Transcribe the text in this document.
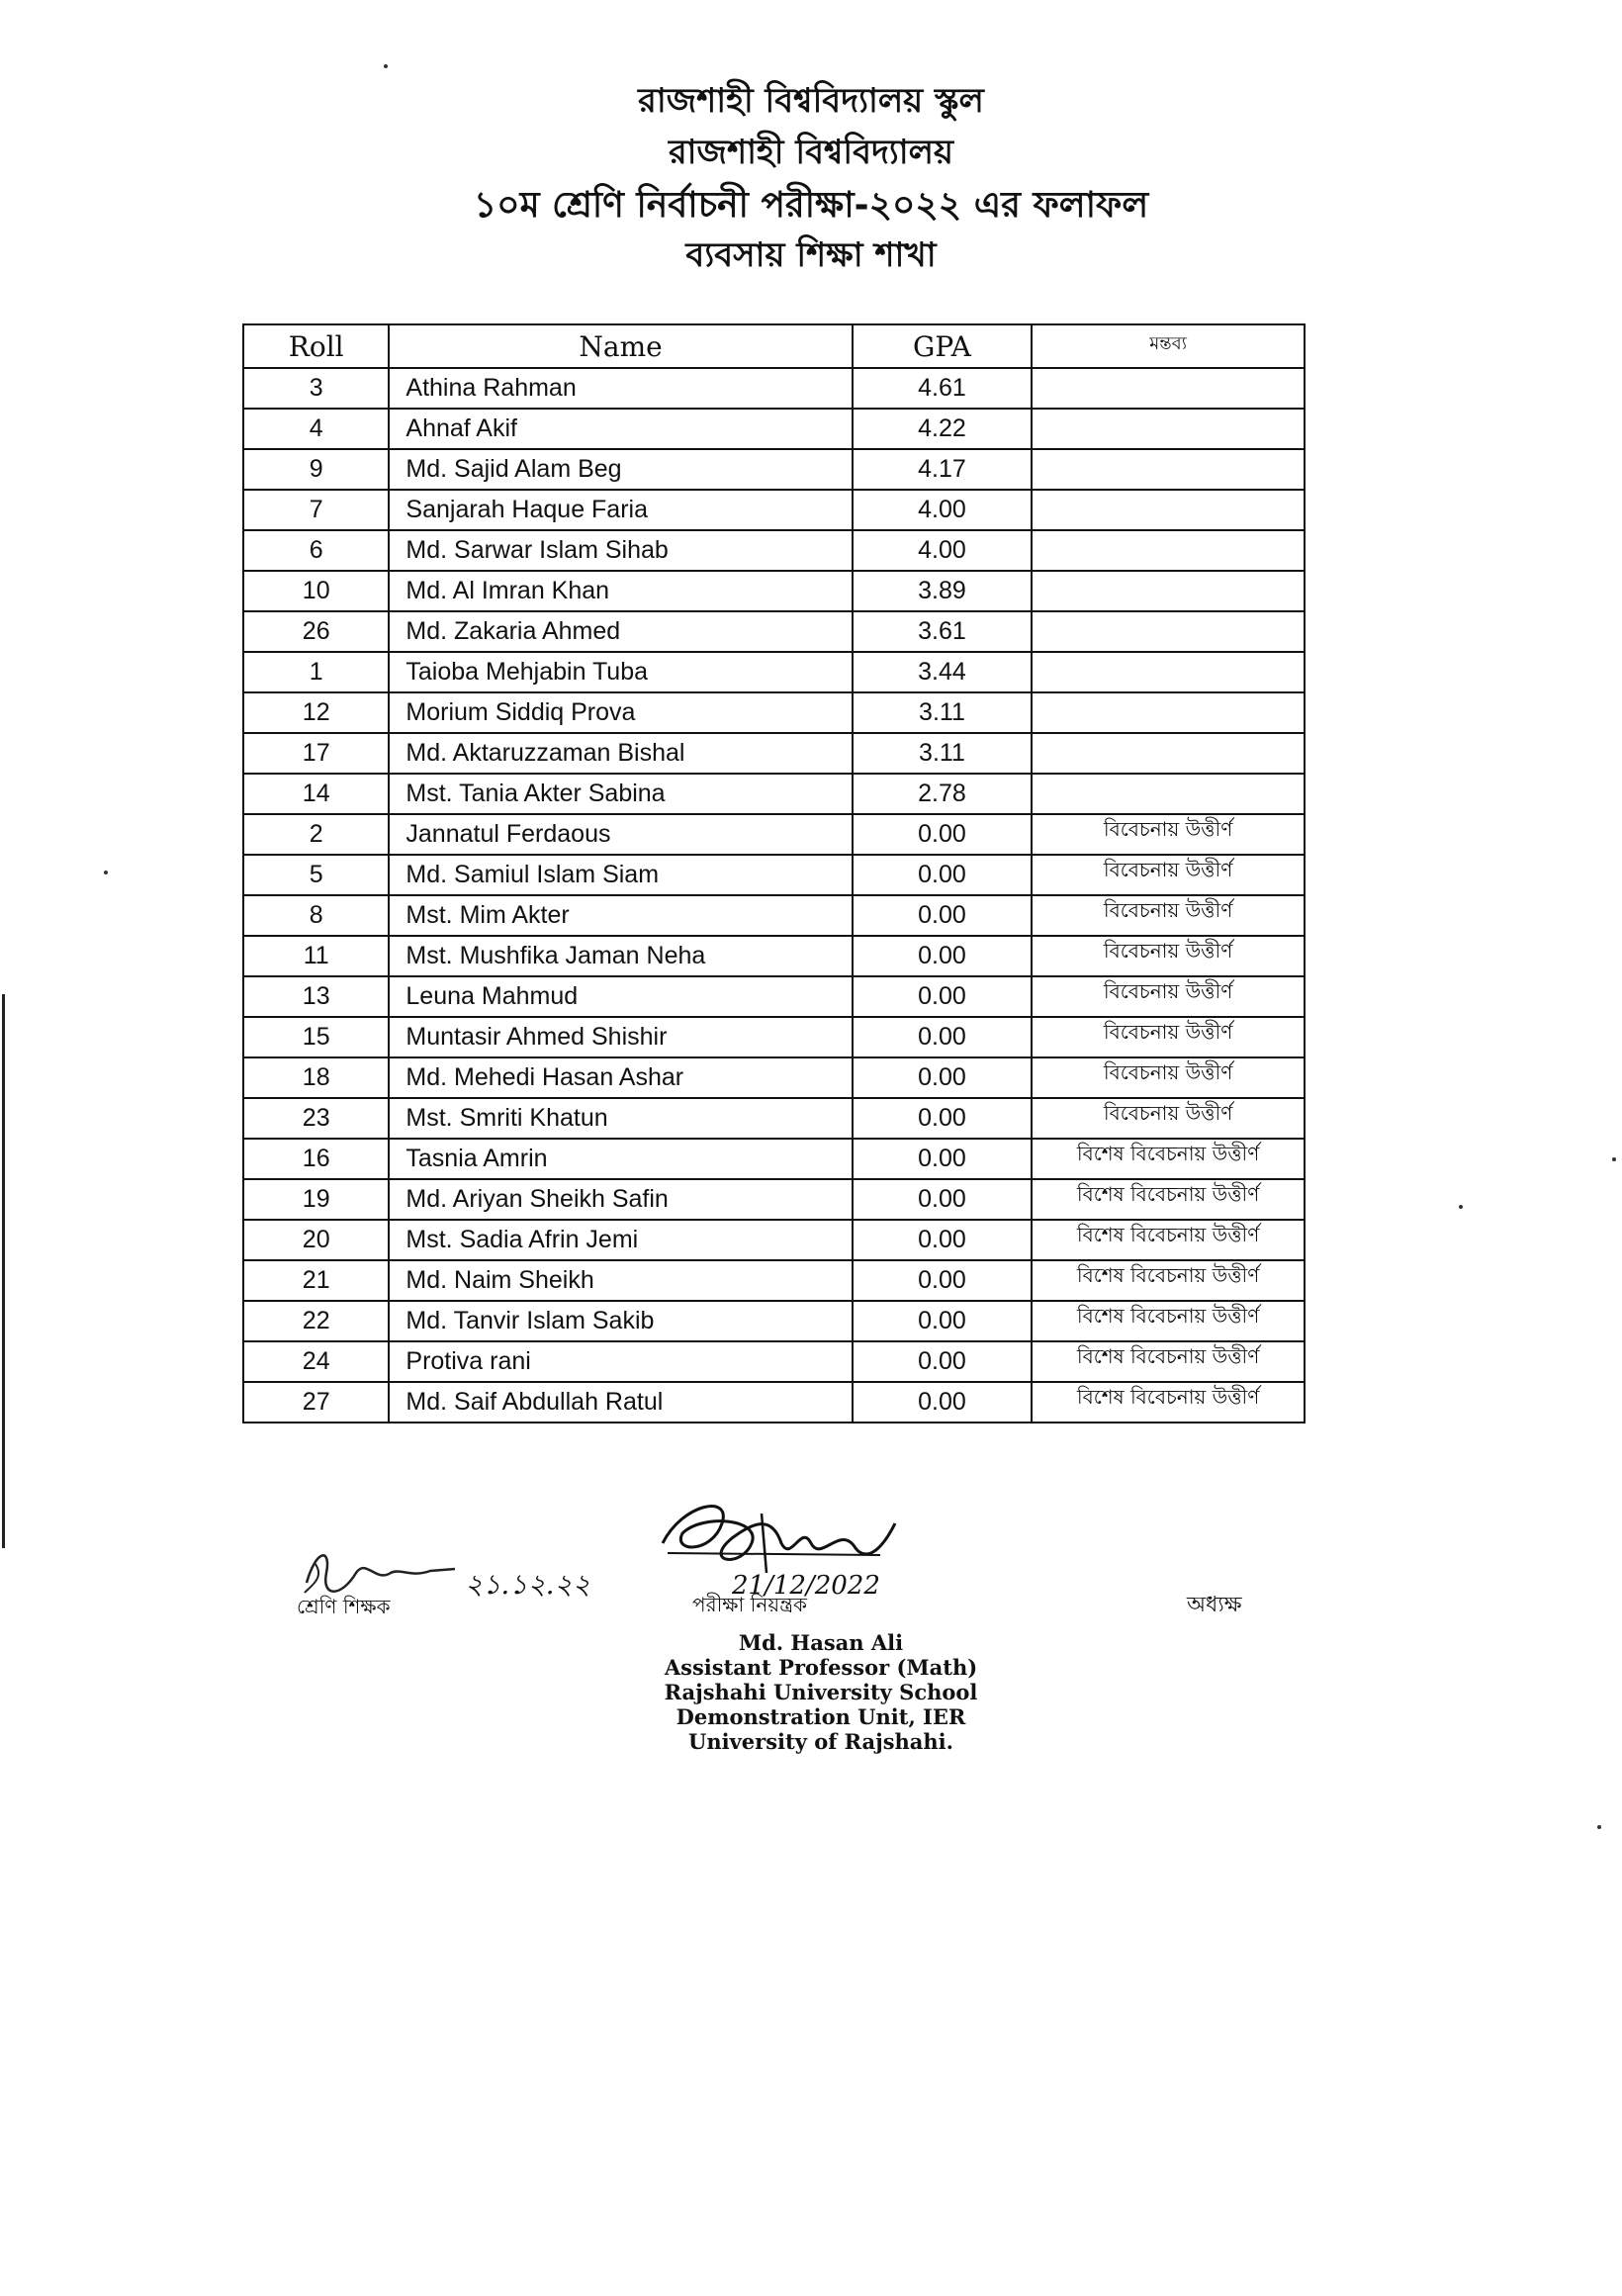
রাজশাহী বিশ্ববিদ্যালয় স্কুল
রাজশাহী বিশ্ববিদ্যালয়
১০ম শ্রেণি নির্বাচনী পরীক্ষা-২০২২ এর ফলাফল
ব্যবসায় শিক্ষা শাখা
Roll	Name	GPA	মন্তব্য
3	Athina Rahman	4.61	
4	Ahnaf Akif	4.22	
9	Md. Sajid Alam Beg	4.17	
7	Sanjarah Haque Faria	4.00	
6	Md. Sarwar Islam Sihab	4.00	
10	Md. Al Imran Khan	3.89	
26	Md. Zakaria Ahmed	3.61	
1	Taioba Mehjabin Tuba	3.44	
12	Morium Siddiq Prova	3.11	
17	Md. Aktaruzzaman Bishal	3.11	
14	Mst. Tania Akter Sabina	2.78	
2	Jannatul Ferdaous	0.00	বিবেচনায় উত্তীর্ণ
5	Md. Samiul Islam Siam	0.00	বিবেচনায় উত্তীর্ণ
8	Mst. Mim Akter	0.00	বিবেচনায় উত্তীর্ণ
11	Mst. Mushfika Jaman Neha	0.00	বিবেচনায় উত্তীর্ণ
13	Leuna Mahmud	0.00	বিবেচনায় উত্তীর্ণ
15	Muntasir Ahmed Shishir	0.00	বিবেচনায় উত্তীর্ণ
18	Md. Mehedi Hasan Ashar	0.00	বিবেচনায় উত্তীর্ণ
23	Mst. Smriti Khatun	0.00	বিবেচনায় উত্তীর্ণ
16	Tasnia Amrin	0.00	বিশেষ বিবেচনায় উত্তীর্ণ
19	Md. Ariyan Sheikh Safin	0.00	বিশেষ বিবেচনায় উত্তীর্ণ
20	Mst. Sadia Afrin Jemi	0.00	বিশেষ বিবেচনায় উত্তীর্ণ
21	Md. Naim Sheikh	0.00	বিশেষ বিবেচনায় উত্তীর্ণ
22	Md. Tanvir Islam Sakib	0.00	বিশেষ বিবেচনায় উত্তীর্ণ
24	Protiva rani	0.00	বিশেষ বিবেচনায় উত্তীর্ণ
27	Md. Saif Abdullah Ratul	0.00	বিশেষ বিবেচনায় উত্তীর্ণ
২১.১২.২২
শ্রেণি শিক্ষক
21/12/2022
পরীক্ষা নিয়ন্ত্রক	অধ্যক্ষ
Md. Hasan Ali
Assistant Professor (Math)
Rajshahi University School
Demonstration Unit, IER
University of Rajshahi.
